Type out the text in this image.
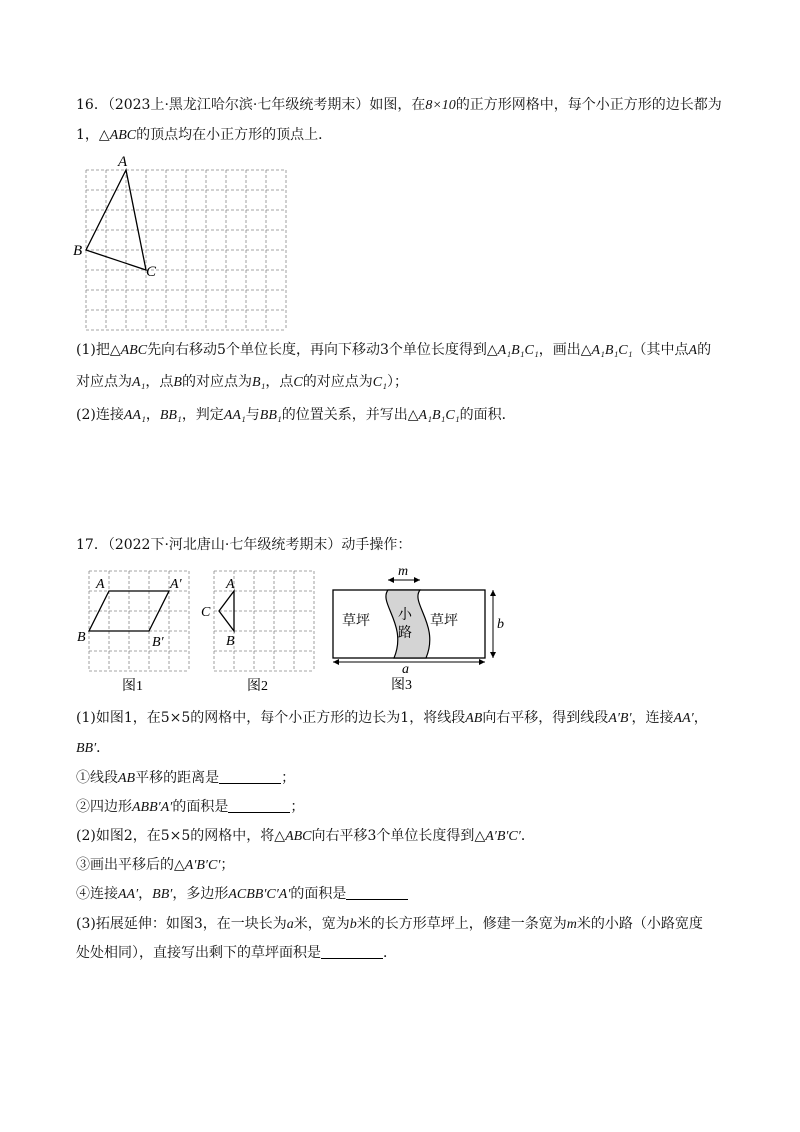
16．（2023上·黑龙江哈尔滨·七年级统考期末）如图，在8×10的正方形网格中，每个小正方形的边长都为
1，△ABC的顶点均在小正方形的顶点上．
A
B
C
(1)把△ABC先向右移动5个单位长度，再向下移动3个单位长度得到△A₁B₁C₁，画出△A₁B₁C₁（其中点A的
对应点为A₁，点B的对应点为B₁，点C的对应点为C₁）；
(2)连接AA₁，BB₁，判定AA₁与BB₁的位置关系，并写出△A₁B₁C₁的面积．
17．（2022下·河北唐山·七年级统考期末）动手操作：
A	A′
B	B′
图1
A
B
C
图2
m
b
a
草坪 小
路
草坪
图3
(1)如图1，在5×5的网格中，每个小正方形的边长为1，将线段AB向右平移，得到线段A′B′，连接AA′，
BB′．
①线段AB平移的距离是	；
②四边形ABB′A′的面积是	；
(2)如图2，在5×5的网格中，将△ABC向右平移3个单位长度得到△A′B′C′．
③画出平移后的△A′B′C′；
④连接AA′，BB′，多边形ACBB′C′A′的面积是
(3)拓展延伸：如图3，在一块长为a米，宽为b米的长方形草坪上，修建一条宽为m米的小路（小路宽度
处处相同），直接写出剩下的草坪面积是	．
